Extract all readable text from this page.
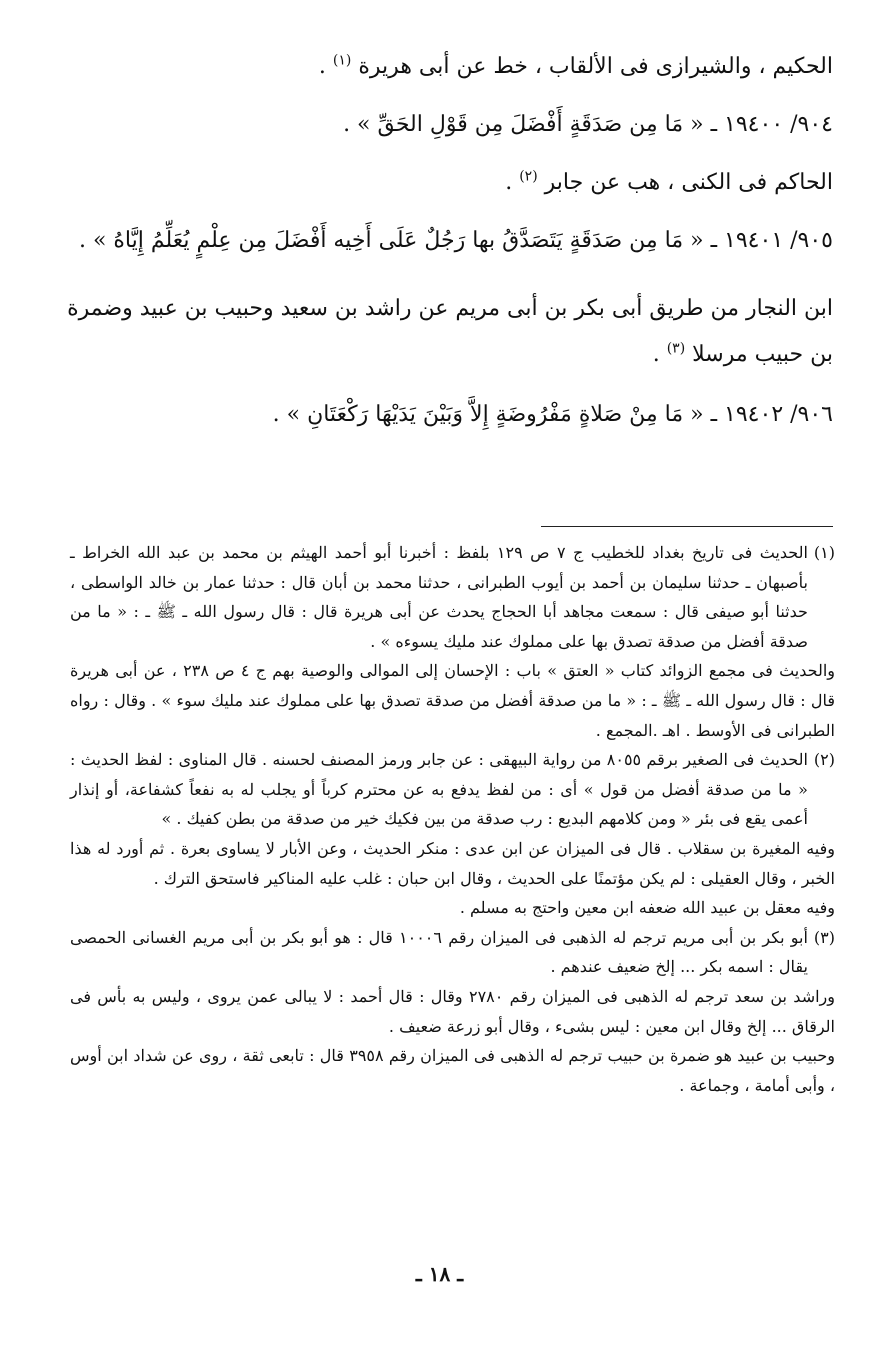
الحكيم ، والشيرازى فى الألقاب ، خط عن أبى هريرة $^{(١)}$ .

٩٠٤/ ١٩٤٠٠ ـ « مَا مِن صَدَقَةٍ أَفْضَلَ مِن قَوْلِ الحَقِّ » .

الحاكم فى الكنى ، هب عن جابر $^{(٢)}$ .

٩٠٥/ ١٩٤٠١ ـ « مَا مِن صَدَقَةٍ يَتَصَدَّقُ بها رَجُلٌ عَلَى أَخِيه أَفْضَلَ مِن عِلْمٍ يُعَلِّمُ إِيَّاهُ » .

ابن النجار من طريق أبى بكر بن أبى مريم عن راشد بن سعيد وحبيب بن عبيد وضمرة بن حبيب مرسلا $^{(٣)}$ .

٩٠٦/ ١٩٤٠٢ ـ « مَا مِنْ صَلاةٍ مَفْرُوضَةٍ إِلاَّ وَبَيْنَ يَدَيْهَا رَكْعَتَانِ » .

(١)

الحديث فى تاريخ بغداد للخطيب ج ٧ ص ١٢٩ بلفظ : أخبرنا أبو أحمد الهيثم بن محمد بن عبد الله الخراط ـ بأصبهان ـ حدثنا سليمان بن أحمد بن أيوب الطبرانى ، حدثنا محمد بن أبان قال : حدثنا عمار بن خالد الواسطى ، حدثنا أبو صيفى قال : سمعت مجاهد أبا الحجاج يحدث عن أبى هريرة قال : قال رسول الله ـ ﷺ ـ : « ما من صدقة أفضل من صدقة تصدق بها على مملوك عند مليك يسوءه » .

والحديث فى مجمع الزوائد كتاب « العتق » باب : الإحسان إلى الموالى والوصية بهم ج ٤ ص ٢٣٨ ، عن أبى هريرة قال : قال رسول الله ـ ﷺ ـ : « ما من صدقة أفضل من صدقة تصدق بها على مملوك عند مليك سوء » . وقال : رواه الطبرانى فى الأوسط . اهـ .المجمع .

(٢)

الحديث فى الصغير برقم ٨٠٥٥ من رواية البيهقى : عن جابر ورمز المصنف لحسنه . قال المناوى : لفظ الحديث : « ما من صدقة أفضل من قول » أى : من لفظ يدفع به عن محترم كرباً أو يجلب له به نفعاً كشفاعة، أو إنذار أعمى يقع فى بئر « ومن كلامهم البديع : رب صدقة من بين فكيك خير من صدقة من بطن كفيك . »

وفيه المغيرة بن سقلاب . قال فى الميزان عن ابن عدى : منكر الحديث ، وعن الأبار لا يساوى بعرة . ثم أورد له هذا الخبر ، وقال العقيلى : لم يكن مؤتمنًا على الحديث ، وقال ابن حبان : غلب عليه المناكير فاستحق الترك .

وفيه معقل بن عبيد الله ضعفه ابن معين واحتج به مسلم .

(٣)

أبو بكر بن أبى مريم ترجم له الذهبى فى الميزان رقم ١٠٠٠٦ قال : هو أبو بكر بن أبى مريم الغسانى الحمصى يقال : اسمه بكر ... إلخ ضعيف عندهم .

وراشد بن سعد ترجم له الذهبى فى الميزان رقم ٢٧٨٠ وقال : قال أحمد : لا يبالى عمن يروى ، وليس به بأس فى الرقاق ... إلخ وقال ابن معين : ليس بشىء ، وقال أبو زرعة ضعيف .

وحبيب بن عبيد هو ضمرة بن حبيب ترجم له الذهبى فى الميزان رقم ٣٩٥٨ قال : تابعى ثقة ، روى عن شداد ابن أوس ، وأبى أمامة ، وجماعة .

ـ ١٨ ـ
